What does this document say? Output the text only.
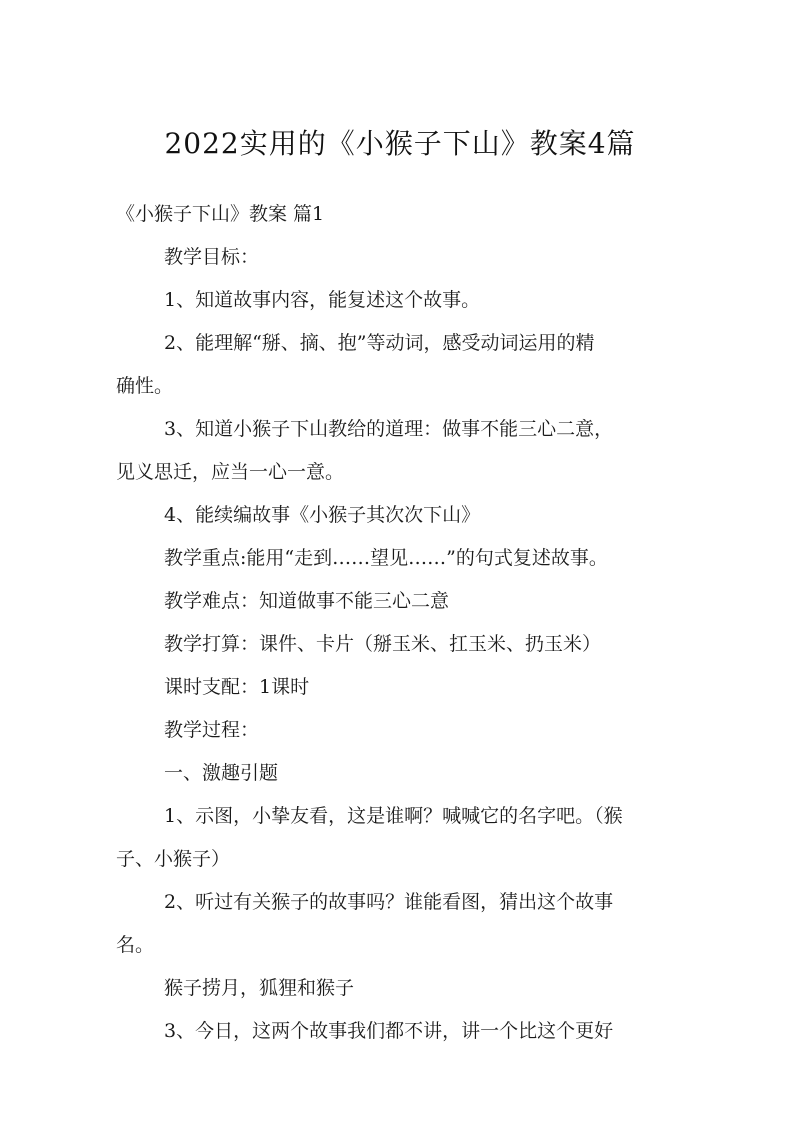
2022实用的《小猴子下山》教案4篇
《小猴子下山》教案 篇1
教学目标：
1、知道故事内容，能复述这个故事。
2、能理解“掰、摘、抱”等动词，感受动词运用的精
确性。
3、知道小猴子下山教给的道理：做事不能三心二意，
见义思迁，应当一心一意。
4、能续编故事《小猴子其次次下山》
教学重点:能用“走到……望见……”的句式复述故事。
教学难点：知道做事不能三心二意
教学打算：课件、卡片（掰玉米、扛玉米、扔玉米）
课时支配：1课时
教学过程：
一、激趣引题
1、示图，小挚友看，这是谁啊？喊喊它的名字吧。（猴
子、小猴子）
2、听过有关猴子的故事吗？谁能看图，猜出这个故事
名。
猴子捞月，狐狸和猴子
3、今日，这两个故事我们都不讲，讲一个比这个更好
